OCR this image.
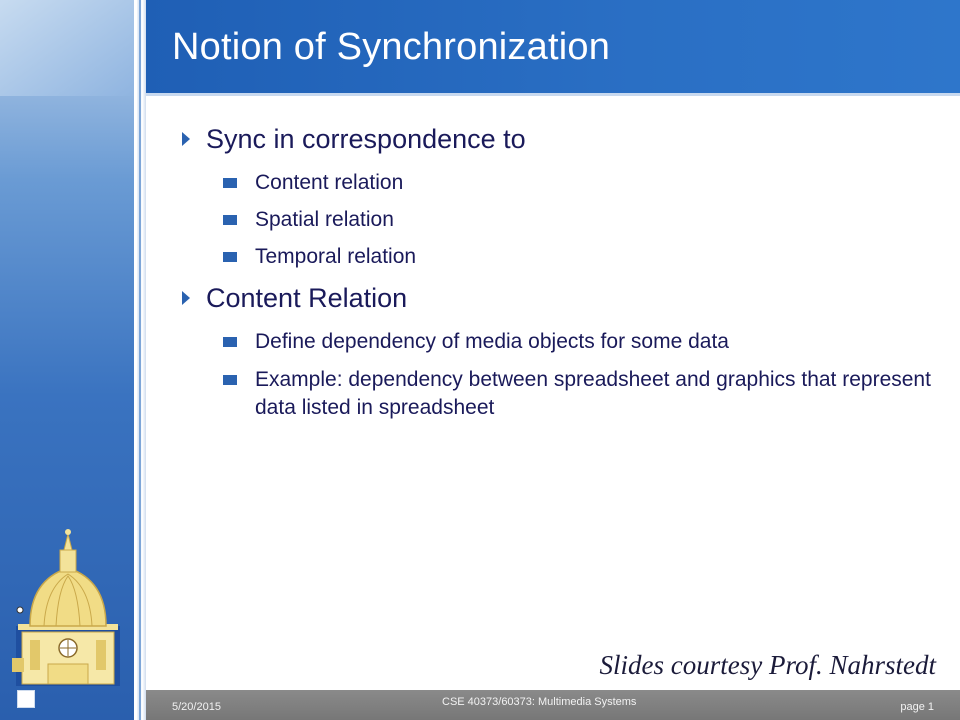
Notion of Synchronization
Sync in correspondence to
Content relation
Spatial relation
Temporal relation
Content Relation
Define dependency of media objects for some data
Example: dependency between spreadsheet and graphics that represent data listed in spreadsheet
Slides courtesy Prof. Nahrstedt
5/20/2015	CSE 40373/60373: Multimedia Systems	page 1
